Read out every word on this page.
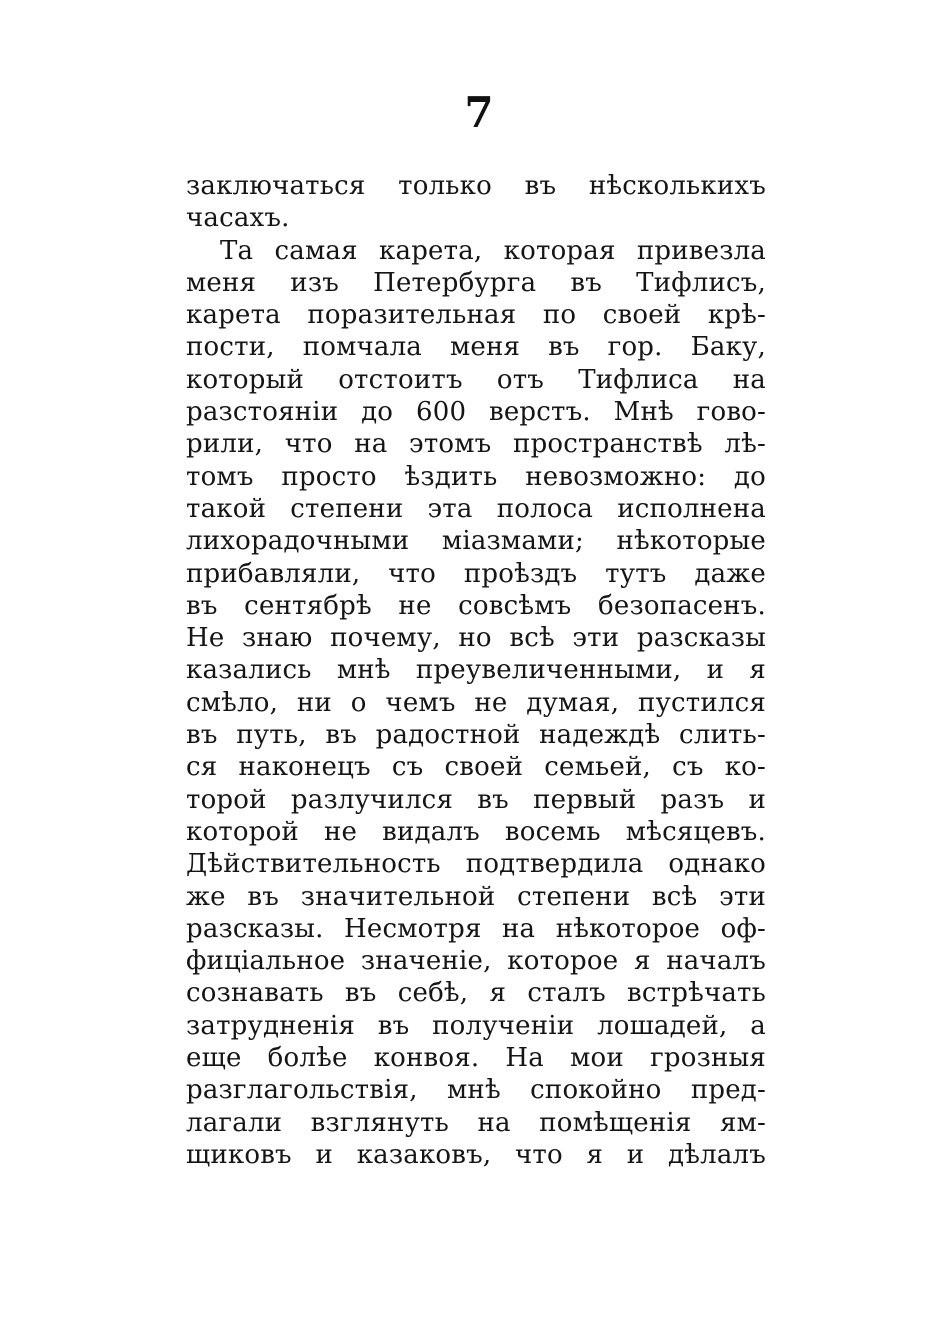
7
заключаться только въ нѣсколькихъ
часахъ.
Та самая карета, которая привезла
меня изъ Петербурга въ Тифлисъ,
карета поразительная по своей крѣ-
пости, помчала меня въ гор. Баку,
который отстоитъ отъ Тифлиса на
разстоянiи до 600 верстъ. Мнѣ гово-
рили, что на этомъ пространствѣ лѣ-
томъ просто ѣздить невозможно: до
такой степени эта полоса исполнена
лихорадочными мiазмами; нѣкоторые
прибавляли, что проѣздъ тутъ даже
въ сентябрѣ не совсѣмъ безопасенъ.
Не знаю почему, но всѣ эти разсказы
казались мнѣ преувеличенными, и я
смѣло, ни о чемъ не думая, пустился
въ путь, въ радостной надеждѣ слить-
ся наконецъ съ своей семьей, съ ко-
торой разлучился въ первый разъ и
которой не видалъ восемь мѣсяцевъ.
Дѣйствительность подтвердила однако
же въ значительной степени всѣ эти
разсказы. Несмотря на нѣкоторое оф-
фицiальное значенiе, которое я началъ
сознавать въ себѣ, я сталъ встрѣчать
затрудненiя въ полученiи лошадей, а
еще болѣе конвоя. На мои грозныя
разглагольствiя, мнѣ спокойно пред-
лагали взглянуть на помѣщенiя ям-
щиковъ и казаковъ, что я и дѣлалъ
